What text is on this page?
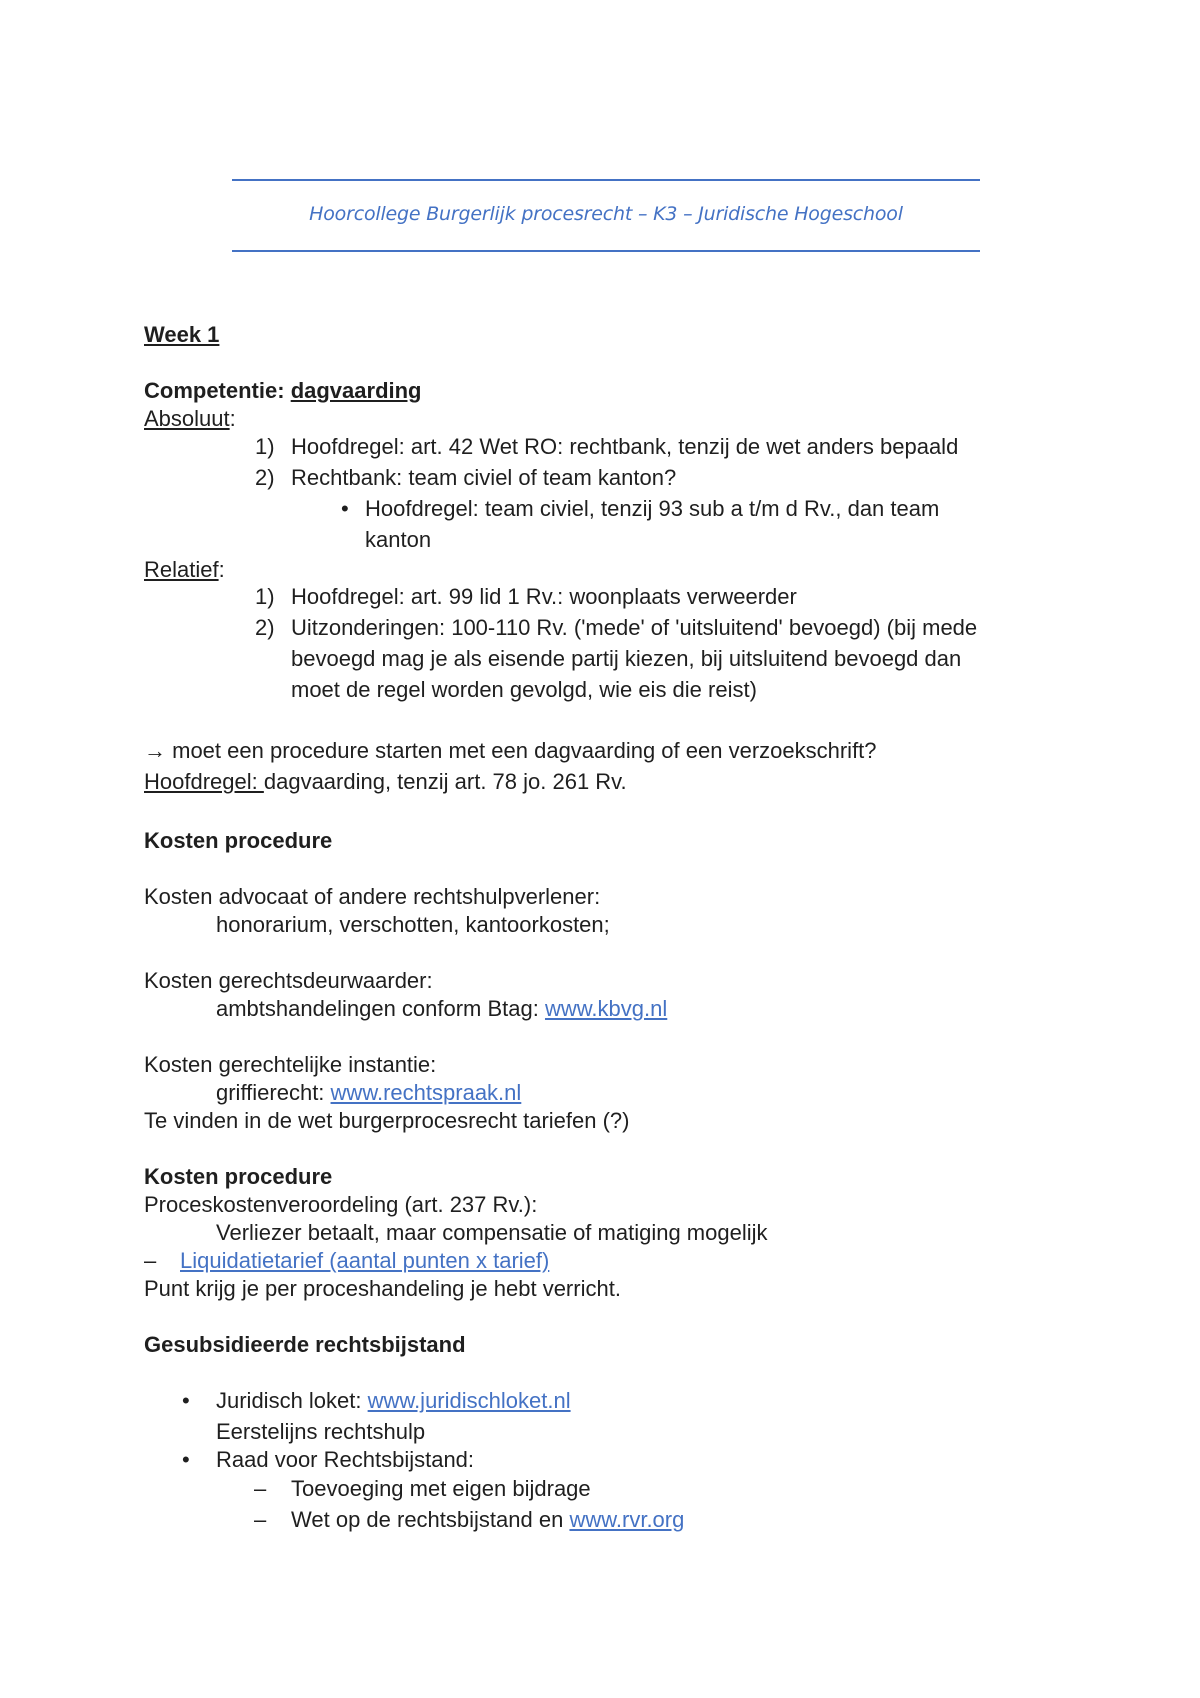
Hoorcollege Burgerlijk procesrecht – K3 – Juridische Hogeschool
Week 1
Competentie: dagvaarding
Absoluut:
1) Hoofdregel: art. 42 Wet RO: rechtbank, tenzij de wet anders bepaald
2) Rechtbank: team civiel of team kanton?
• Hoofdregel: team civiel, tenzij 93 sub a t/m d Rv., dan team
kanton
Relatief:
1) Hoofdregel: art. 99 lid 1 Rv.: woonplaats verweerder
2) Uitzonderingen: 100-110 Rv. ('mede' of 'uitsluitend' bevoegd) (bij mede
bevoegd mag je als eisende partij kiezen, bij uitsluitend bevoegd dan
moet de regel worden gevolgd, wie eis die reist)
→ moet een procedure starten met een dagvaarding of een verzoekschrift?
Hoofdregel: dagvaarding, tenzij art. 78 jo. 261 Rv.
Kosten procedure
Kosten advocaat of andere rechtshulpverlener:
honorarium, verschotten, kantoorkosten;
Kosten gerechtsdeurwaarder:
ambtshandelingen conform Btag: www.kbvg.nl
Kosten gerechtelijke instantie:
griffierecht: www.rechtspraak.nl
Te vinden in de wet burgerprocesrecht tariefen (?)
Kosten procedure
Proceskostenveroordeling (art. 237 Rv.):
Verliezer betaalt, maar compensatie of matiging mogelijk
– Liquidatietarief (aantal punten x tarief)
Punt krijg je per proceshandeling je hebt verricht.
Gesubsidieerde rechtsbijstand
• Juridisch loket: www.juridischloket.nl
Eerstelijns rechtshulp
• Raad voor Rechtsbijstand:
– Toevoeging met eigen bijdrage
– Wet op de rechtsbijstand en www.rvr.org
